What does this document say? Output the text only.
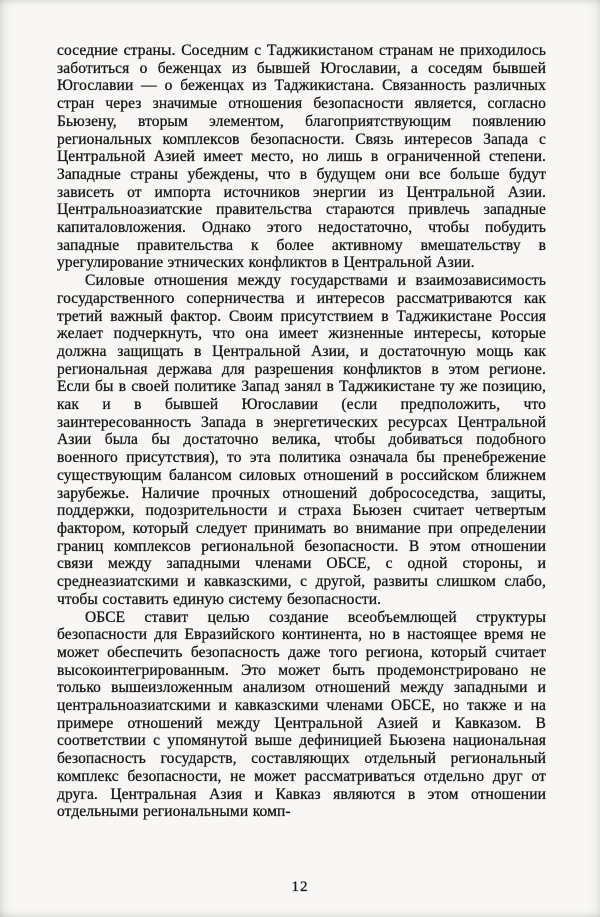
соседние страны. Соседним с Таджикистаном странам не приходилось заботиться о беженцах из бывшей Югославии, а соседям бывшей Югославии — о беженцах из Таджикистана. Связанность различных стран через значимые отношения безопасности является, согласно Бьюзену, вторым элементом, благоприятствующим появлению региональных комплексов безопасности. Связь интересов Запада с Центральной Азией имеет место, но лишь в ограниченной степени. Западные страны убеждены, что в будущем они все больше будут зависеть от импорта источников энергии из Центральной Азии. Центральноазиатские правительства стараются привлечь западные капиталовложения. Однако этого недостаточно, чтобы побудить западные правительства к более активному вмешательству в урегулирование этнических конфликтов в Центральной Азии.

Силовые отношения между государствами и взаимозависимость государственного соперничества и интересов рассматриваются как третий важный фактор. Своим присутствием в Таджикистане Россия желает подчеркнуть, что она имеет жизненные интересы, которые должна защищать в Центральной Азии, и достаточную мощь как региональная держава для разрешения конфликтов в этом регионе. Если бы в своей политике Запад занял в Таджикистане ту же позицию, как и в бывшей Югославии (если предположить, что заинтересованность Запада в энергетических ресурсах Центральной Азии была бы достаточно велика, чтобы добиваться подобного военного присутствия), то эта политика означала бы пренебрежение существующим балансом силовых отношений в российском ближнем зарубежье. Наличие прочных отношений добрососедства, защиты, поддержки, подозрительности и страха Бьюзен считает четвертым фактором, который следует принимать во внимание при определении границ комплексов региональной безопасности. В этом отношении связи между западными членами ОБСЕ, с одной стороны, и среднеазиатскими и кавказскими, с другой, развиты слишком слабо, чтобы составить единую систему безопасности.

ОБСЕ ставит целью создание всеобъемлющей структуры безопасности для Евразийского континента, но в настоящее время не может обеспечить безопасность даже того региона, который считает высокоинтегрированным. Это может быть продемонстрировано не только вышеизложенным анализом отношений между западными и центральноазиатскими и кавказскими членами ОБСЕ, но также и на примере отношений между Центральной Азией и Кавказом. В соответствии с упомянутой выше дефиницией Бьюзена национальная безопасность государств, составляющих отдельный региональный комплекс безопасности, не может рассматриваться отдельно друг от друга. Центральная Азия и Кавказ являются в этом отношении отдельными региональными комп-

12
